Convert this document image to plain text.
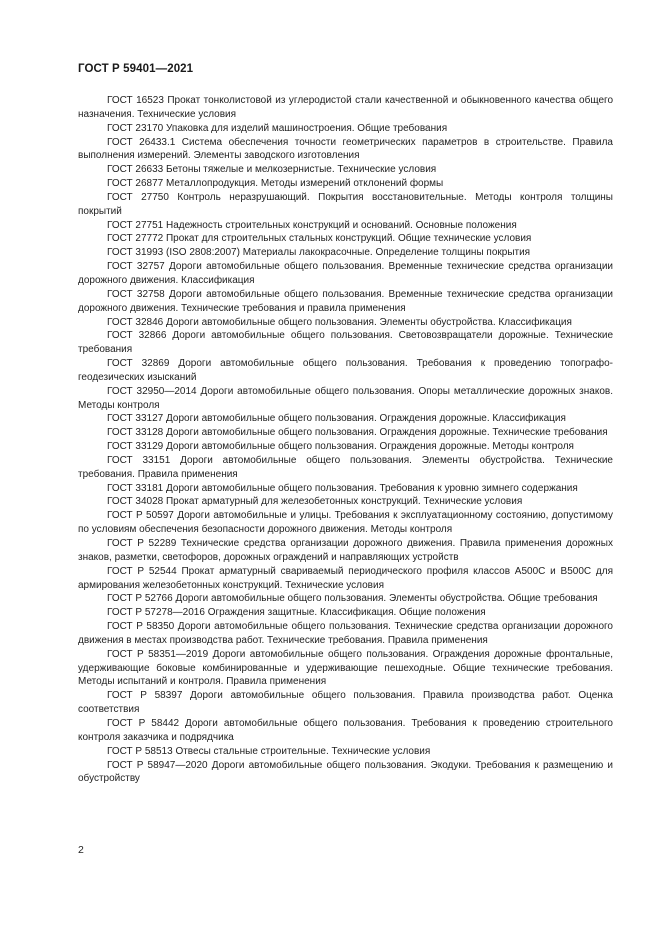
ГОСТ Р 59401—2021

ГОСТ 16523 Прокат тонколистовой из углеродистой стали качественной и обыкновенного качества общего назначения. Технические условия

ГОСТ 23170 Упаковка для изделий машиностроения. Общие требования

ГОСТ 26433.1 Система обеспечения точности геометрических параметров в строительстве. Правила выполнения измерений. Элементы заводского изготовления

ГОСТ 26633 Бетоны тяжелые и мелкозернистые. Технические условия

ГОСТ 26877 Металлопродукция. Методы измерений отклонений формы

ГОСТ 27750 Контроль неразрушающий. Покрытия восстановительные. Методы контроля толщины покрытий

ГОСТ 27751 Надежность строительных конструкций и оснований. Основные положения

ГОСТ 27772 Прокат для строительных стальных конструкций. Общие технические условия

ГОСТ 31993 (ISO 2808:2007) Материалы лакокрасочные. Определение толщины покрытия

ГОСТ 32757 Дороги автомобильные общего пользования. Временные технические средства организации дорожного движения. Классификация

ГОСТ 32758 Дороги автомобильные общего пользования. Временные технические средства организации дорожного движения. Технические требования и правила применения

ГОСТ 32846 Дороги автомобильные общего пользования. Элементы обустройства. Классификация

ГОСТ 32866 Дороги автомобильные общего пользования. Световозвращатели дорожные. Технические требования

ГОСТ 32869 Дороги автомобильные общего пользования. Требования к проведению топографо-геодезических изысканий

ГОСТ 32950—2014 Дороги автомобильные общего пользования. Опоры металлические дорожных знаков. Методы контроля

ГОСТ 33127 Дороги автомобильные общего пользования. Ограждения дорожные. Классификация

ГОСТ 33128 Дороги автомобильные общего пользования. Ограждения дорожные. Технические требования

ГОСТ 33129 Дороги автомобильные общего пользования. Ограждения дорожные. Методы контроля

ГОСТ 33151 Дороги автомобильные общего пользования. Элементы обустройства. Технические требования. Правила применения

ГОСТ 33181 Дороги автомобильные общего пользования. Требования к уровню зимнего содержания

ГОСТ 34028 Прокат арматурный для железобетонных конструкций. Технические условия

ГОСТ Р 50597 Дороги автомобильные и улицы. Требования к эксплуатационному состоянию, допустимому по условиям обеспечения безопасности дорожного движения. Методы контроля

ГОСТ Р 52289 Технические средства организации дорожного движения. Правила применения дорожных знаков, разметки, светофоров, дорожных ограждений и направляющих устройств

ГОСТ Р 52544 Прокат арматурный свариваемый периодического профиля классов А500С и В500С для армирования железобетонных конструкций. Технические условия

ГОСТ Р 52766 Дороги автомобильные общего пользования. Элементы обустройства. Общие требования

ГОСТ Р 57278—2016 Ограждения защитные. Классификация. Общие положения

ГОСТ Р 58350 Дороги автомобильные общего пользования. Технические средства организации дорожного движения в местах производства работ. Технические требования. Правила применения

ГОСТ Р 58351—2019 Дороги автомобильные общего пользования. Ограждения дорожные фронтальные, удерживающие боковые комбинированные и удерживающие пешеходные. Общие технические требования. Методы испытаний и контроля. Правила применения

ГОСТ Р 58397 Дороги автомобильные общего пользования. Правила производства работ. Оценка соответствия

ГОСТ Р 58442 Дороги автомобильные общего пользования. Требования к проведению строительного контроля заказчика и подрядчика

ГОСТ Р 58513 Отвесы стальные строительные. Технические условия

ГОСТ Р 58947—2020 Дороги автомобильные общего пользования. Экодуки. Требования к размещению и обустройству

2
